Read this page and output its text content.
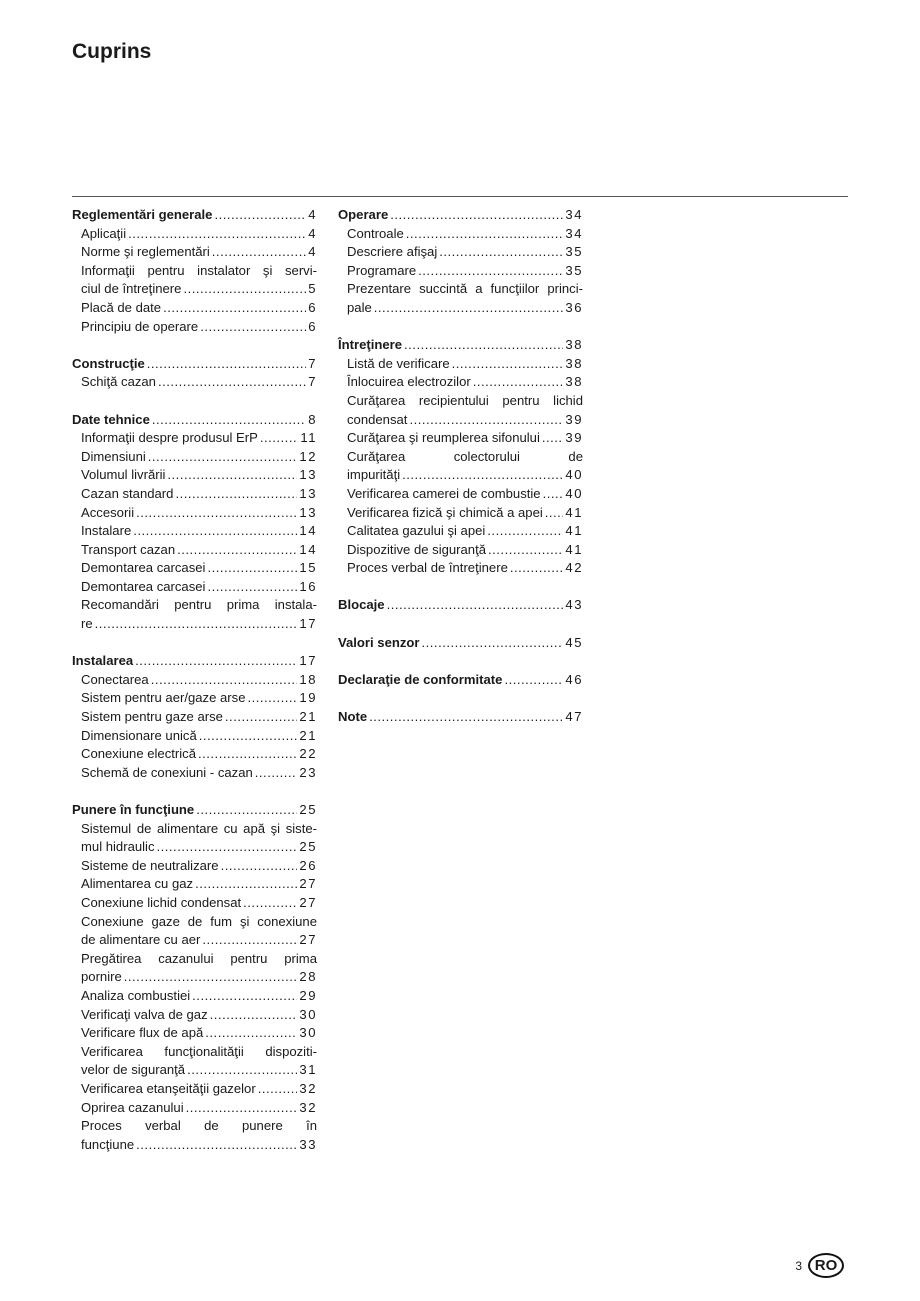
Cuprins
Reglementări generale .....	4
Aplicaţii .....	4
Norme şi reglementări .....	4
Informaţii pentru instalator şi servi-
ciul de întreţinere .....	5
Placă de date .....	6
Principiu de operare .....	6
Construcţie .....	7
Schiţă cazan .....	7
Date tehnice .....	8
Informaţii despre produsul ErP .....	11
Dimensiuni .....	12
Volumul livrării .....	13
Cazan standard .....	13
Accesorii .....	13
Instalare .....	14
Transport cazan .....	14
Demontarea carcasei .....	15
Demontarea carcasei .....	16
Recomandări pentru prima instala-
re .....	17
Instalarea .....	17
Conectarea .....	18
Sistem pentru aer/gaze arse .....	19
Sistem pentru gaze arse .....	21
Dimensionare unică .....	21
Conexiune electrică .....	22
Schemă de conexiuni - cazan .....	23
Punere în funcţiune .....	25
Sistemul de alimentare cu apă şi siste-
mul hidraulic .....	25
Sisteme de neutralizare .....	26
Alimentarea cu gaz .....	27
Conexiune lichid condensat .....	27
Conexiune gaze de fum şi conexiune
de alimentare cu aer .....	27
Pregătirea cazanului pentru prima
pornire .....	28
Analiza combustiei .....	29
Verificaţi valva de gaz .....	30
Verificare flux de apă .....	30
Verificarea funcţionalităţii dispoziti-
velor de siguranţă .....	31
Verificarea etanşeităţii gazelor .....	32
Oprirea cazanului .....	32
Proces verbal de punere în
funcţiune .....	33
Operare .....	34
Controale .....	34
Descriere afişaj .....	35
Programare .....	35
Prezentare succintă a funcţiilor princi-
pale .....	36
Întreţinere .....	38
Listă de verificare .....	38
Înlocuirea electrozilor .....	38
Curăţarea recipientului pentru lichid
condensat .....	39
Curăţarea şi reumplerea sifonului ..... 39
Curăţarea colectorului de
impurităţi .....	40
Verificarea camerei de combustie ..... 40
Verificarea fizică şi chimică a apei ..... 41
Calitatea gazului şi apei .....	41
Dispozitive de siguranţă .....	41
Proces verbal de întreţinere .....	42
Blocaje .....	43
Valori senzor .....	45
Declaraţie de conformitate .....	46
Note .....	47
3 RO
